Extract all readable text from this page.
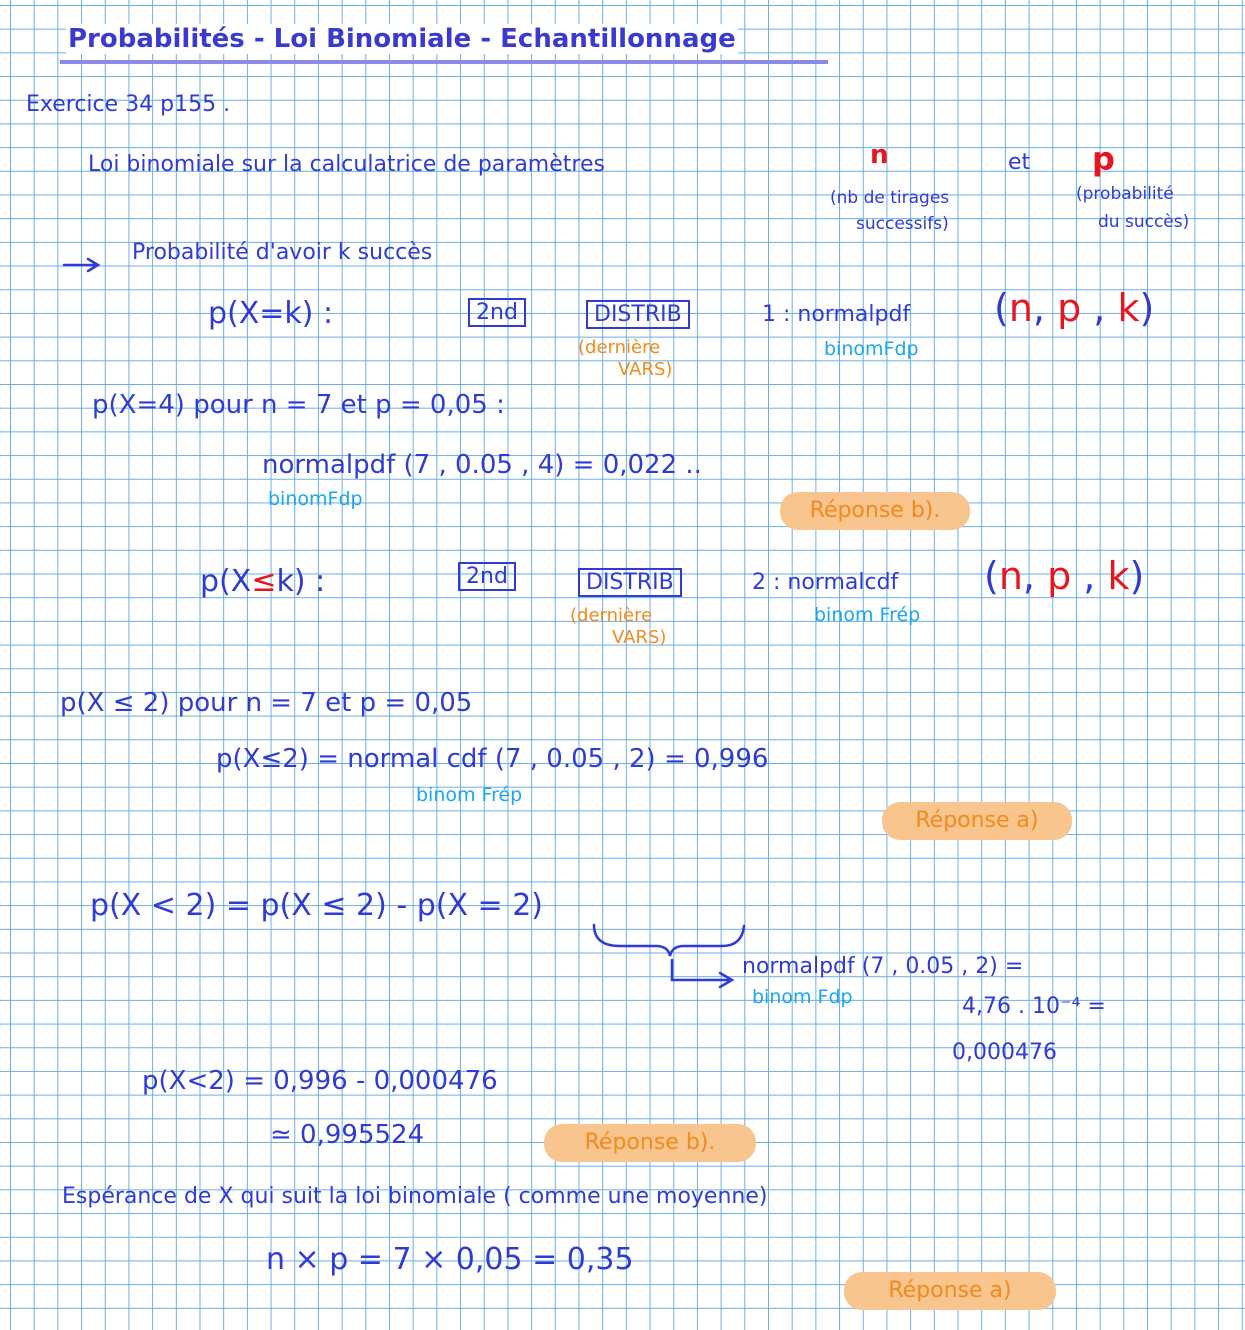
Probabilités - Loi Binomiale - Echantillonnage
Exercice 34 p155 .
Loi binomiale sur la calculatrice de paramètres	n	et p
(nb de tirages
successifs)
(probabilité
du succès)
Probabilité d'avoir k succès
p(X=k) :	2nd	DISTRIB
(dernière
VARS)
1 : normalpdf (n, p , k)
binomFdp
p(X=4) pour n = 7 et p = 0,05 :
normalpdf (7 , 0.05 , 4) = 0,022 ..
binomFdp	Réponse b).
p(X≤k) :	2nd	DISTRIB
(dernière
VARS)
2 : normalcdf (n, p , k)
binom Frép
p(X ≤ 2) pour n = 7 et p = 0,05
p(X≤2) = normal cdf (7 , 0.05 , 2) = 0,996
binom Frép
Réponse a)
p(X < 2) = p(X ≤ 2) - p(X = 2)
normalpdf (7 , 0.05 , 2) =
binom Fdp	4,76 . 10⁻⁴ =
0,000476
p(X<2) = 0,996 - 0,000476
≃ 0,995524	Réponse b).
Espérance de X qui suit la loi binomiale ( comme une moyenne)
n × p = 7 × 0,05 = 0,35
Réponse a)
